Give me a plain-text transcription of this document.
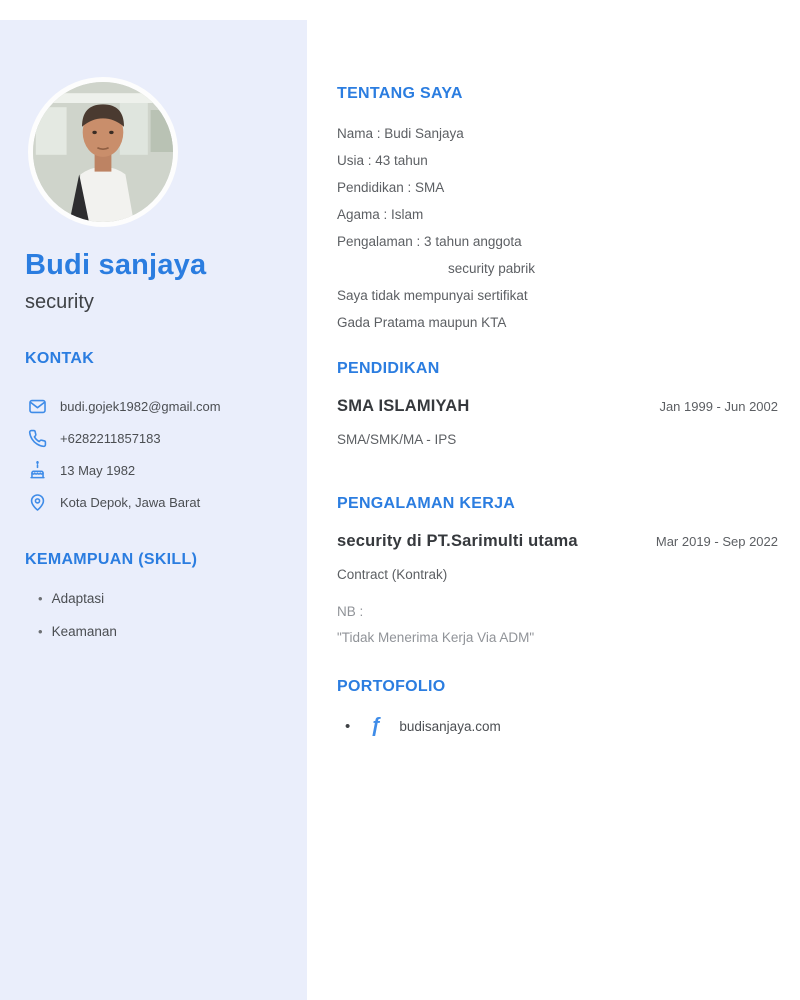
Budi sanjaya
security
KONTAK
budi.gojek1982@gmail.com
+6282211857183
13 May 1982
Kota Depok, Jawa Barat
KEMAMPUAN (SKILL)
• Adaptasi
• Keamanan
TENTANG SAYA
Nama : Budi Sanjaya
Usia : 43 tahun
Pendidikan : SMA
Agama : Islam
Pengalaman : 3 tahun anggota
security pabrik
Saya tidak mempunyai sertifikat
Gada Pratama maupun KTA
PENDIDIKAN
SMA ISLAMIYAH	Jan 1999 - Jun 2002
SMA/SMK/MA - IPS
PENGALAMAN KERJA
security di PT.Sarimulti utama	Mar 2019 - Sep 2022
Contract (Kontrak)
NB :
"Tidak Menerima Kerja Via ADM"
PORTOFOLIO
• ƒ budisanjaya.com
